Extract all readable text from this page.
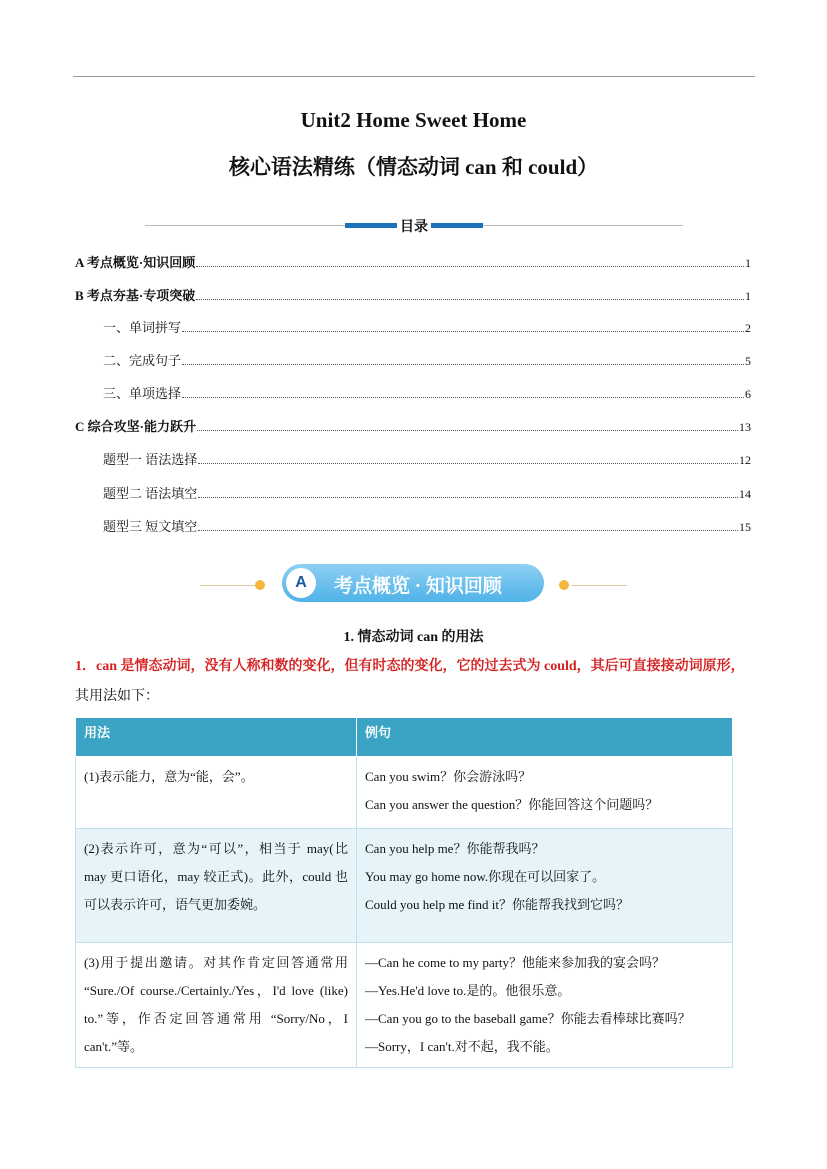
Unit2 Home Sweet Home
核心语法精练（情态动词 can 和 could）
目录
A 考点概览·知识回顾	1
B 考点夯基·专项突破	1
一、单词拼写	2
二、完成句子	5
三、单项选择	6
C 综合攻坚·能力跃升	13
题型一 语法选择	12
题型二 语法填空	14
题型三 短文填空	15
A	考点概览 · 知识回顾
1. 情态动词 can 的用法
1．can 是情态动词，没有人称和数的变化，但有时态的变化，它的过去式为 could，其后可直接接动词原形，其用法如下：
用法	例句
(1)表示能力，意为“能，会”。	Can you swim？你会游泳吗？
Can you answer the question？你能回答这个问题吗？

(2)表示许可，意为“可以”，相当于 may(比 may 更口语化，may 较正式)。此外，could 也可以表示许可，语气更加委婉。	Can you help me？你能帮我吗？
You may go home now.你现在可以回家了。
Could you help me find it？你能帮我找到它吗？

(3)用于提出邀请。对其作肯定回答通常用 “Sure./Of course./Certainly./Yes，I'd love (like) to.”等，作否定回答通常用 “Sorry/No，I can't.”等。	—Can he come to my party？他能来参加我的宴会吗？
—Yes.He'd love to.是的。他很乐意。
—Can you go to the baseball game？你能去看棒球比赛吗？
—Sorry，I can't.对不起，我不能。
